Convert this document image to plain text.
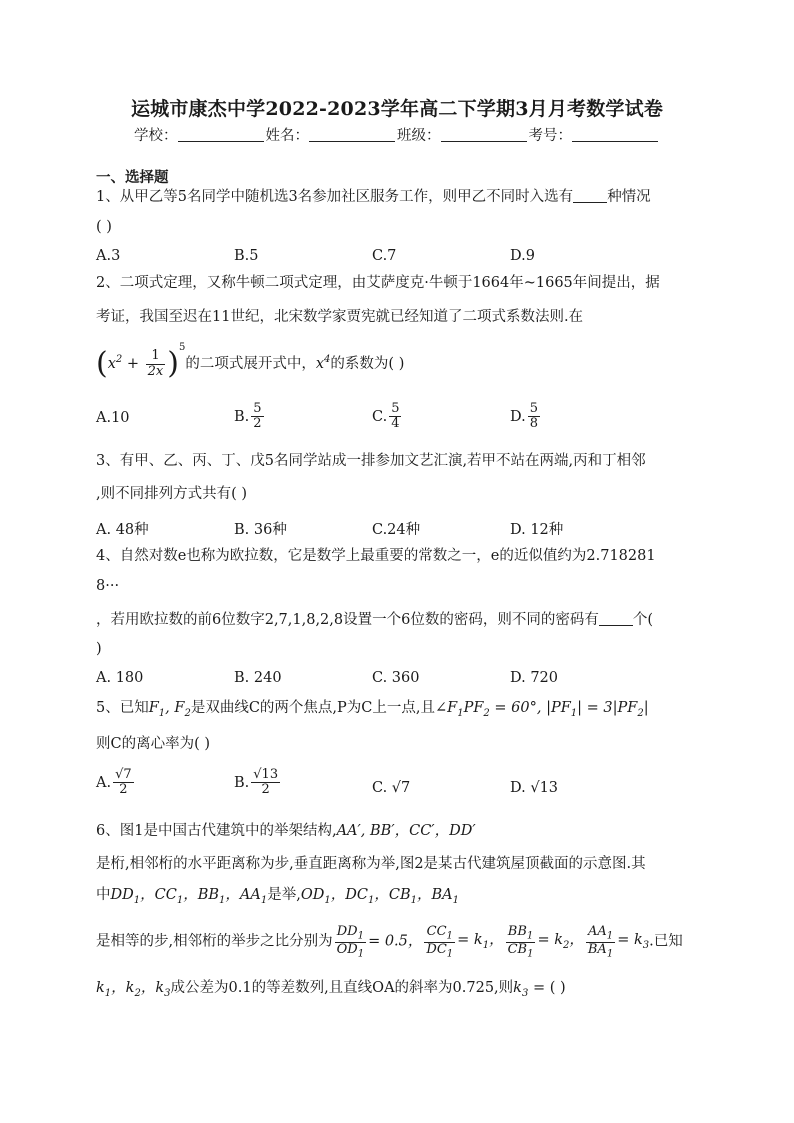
运城市康杰中学2022-2023学年高二下学期3月月考数学试卷
学校：	姓名：	班级：	考号：
一、选择题
1、从甲乙等5名同学中随机选3名参加社区服务工作，则甲乙不同时入选有 种情况
( )
A.3	B.5	C.7	D.9
2、二项式定理，又称牛顿二项式定理，由艾萨度克·牛顿于1664年~1665年间提出，据
考证，我国至迟在11世纪，北宋数学家贾宪就已经知道了二项式系数法则.在
$(x^2 + \frac{1}{2x} )^5$的二项式展开式中，$x^4$的系数为( )
A.10	B. $\frac{5}{2}$	C. $\frac{5}{4}$	D. $\frac{5}{8}$
3、有甲、乙、丙、丁、戊5名同学站成一排参加文艺汇演,若甲不站在两端,丙和丁相邻
,则不同排列方式共有( )
A. 48种	B. 36种	C.24种	D. 12种
4、自然对数e也称为欧拉数，它是数学上最重要的常数之一，e的近似值约为2.718281
8···
，若用欧拉数的前6位数字2,7,1,8,2,8设置一个6位数的密码，则不同的密码有 个(
)
A. 180	B. 240	C. 360	D. 720
5、已知$F_1$, $F_2$是双曲线C的两个焦点,P为C上一点,且$\angle F_1PF_2 = 60^\circ$, $|PF_1| = 3|PF_2|$
则C的离心率为( )
A. $\frac{√7}{2}$	B. $\frac{√13}{2}$	C. √7	D. √13
6、图1是中国古代建筑中的举架结构,AA′, BB′，CC′，DD′
是桁,相邻桁的水平距离称为步,垂直距离称为举,图2是某古代建筑屋顶截面的示意图.其
中$DD_1$，$CC_1$，$BB_1$，$AA_1$是举$,OD_1$，$DC_1$，$CB_1$，$BA_1$
是相等的步,相邻桁的举步之比分别为 $\frac{DD_1}{OD_1} = 0.5$， $\frac{CC_1}{DC_1} = k_1$， $\frac{BB_1}{CB_1} = k_2$， $\frac{AA_1}{BA_1} = k_3$.已知
$k_1$，$k_2$，$k_3$成公差为0.1的等差数列,且直线OA的斜率为0.725,则$k_3$ = ( )
